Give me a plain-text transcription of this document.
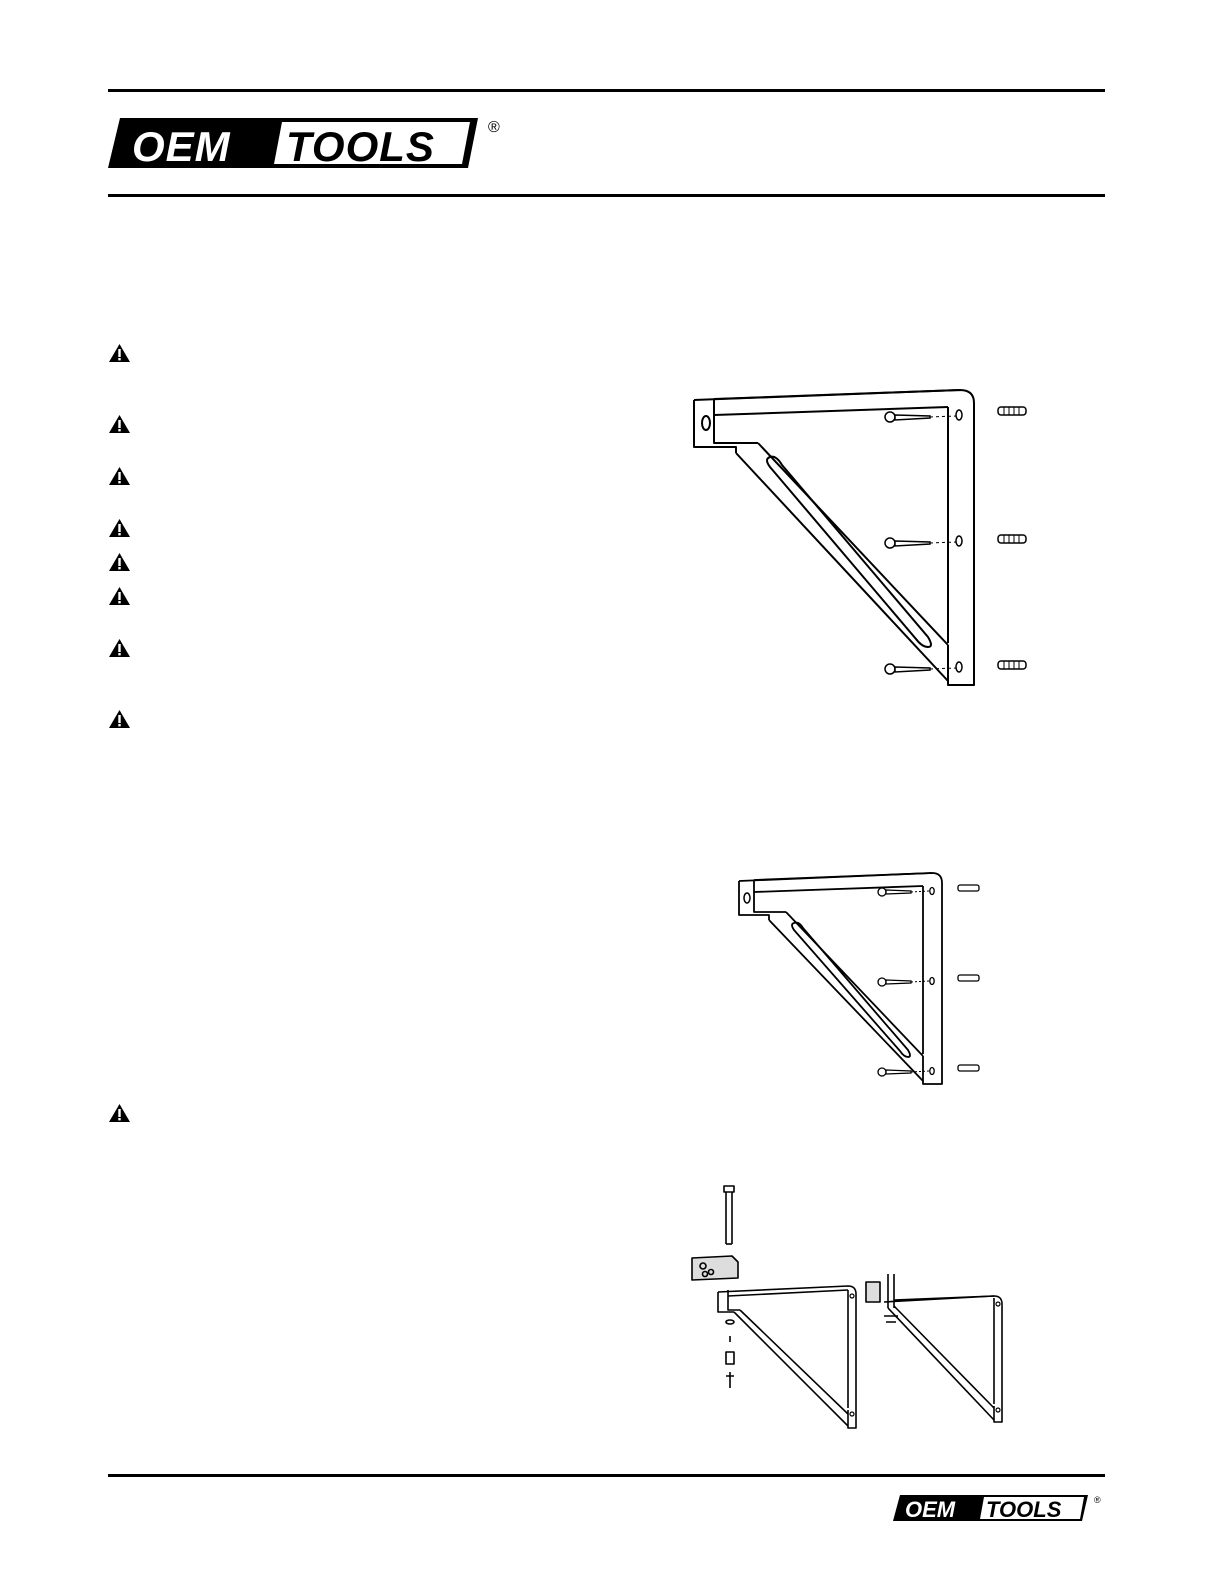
OEM TOOLS	®
OEM TOOLS	®
